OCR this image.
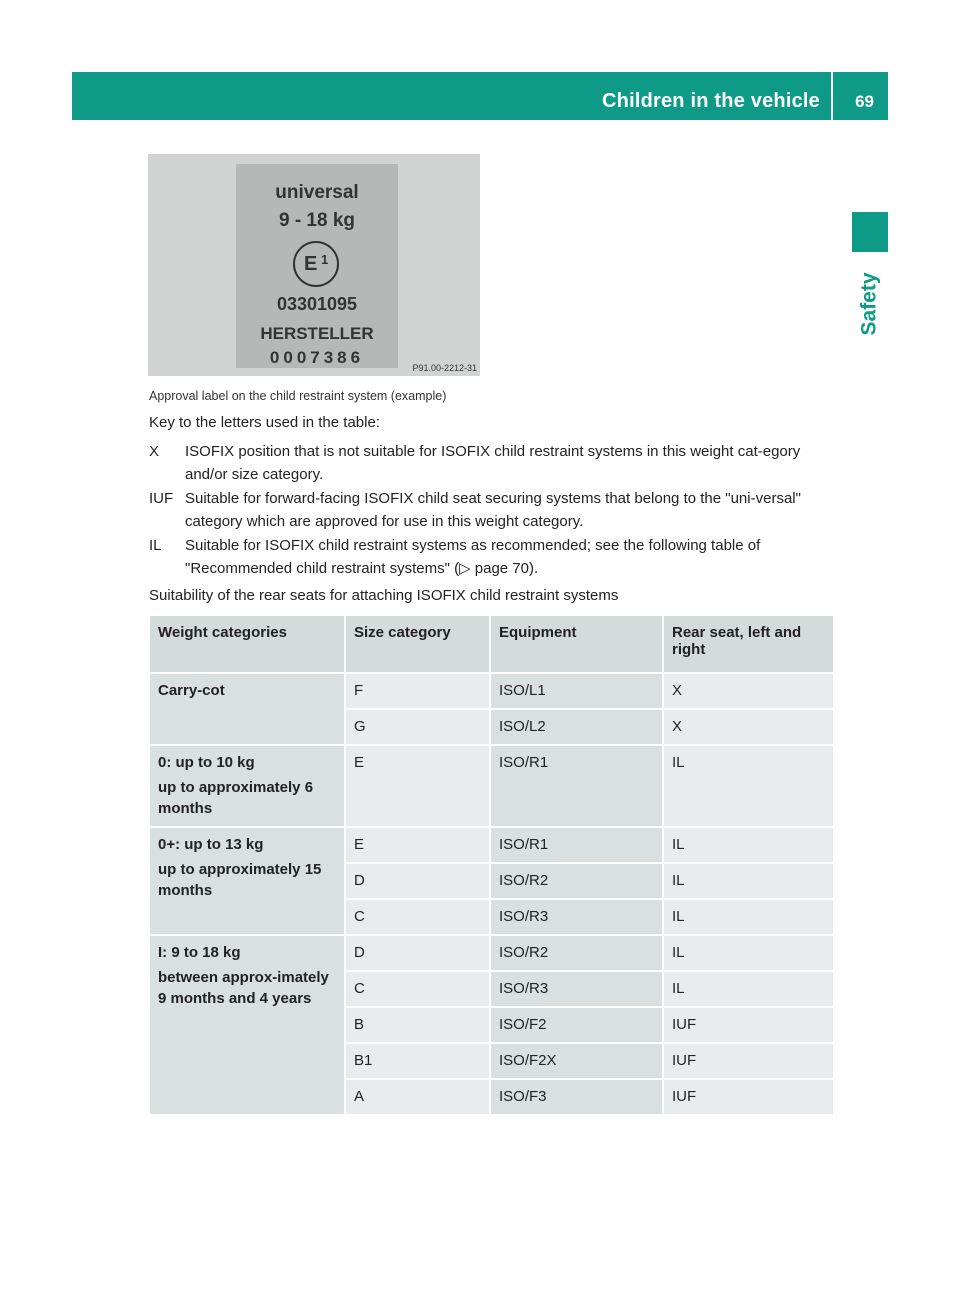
Children in the vehicle 69
Safety
universal
9 - 18 kg
E 1
03301095
HERSTELLER
0007386
P91.00-2212-31
Approval label on the child restraint system (example)
Key to the letters used in the table:
X	ISOFIX position that is not suitable for ISOFIX child restraint systems in this weight cat-egory and/or size category.
IUF Suitable for forward-facing ISOFIX child seat securing systems that belong to the "uni-versal" category which are approved for use in this weight category.
IL	Suitable for ISOFIX child restraint systems as recommended; see the following table of "Recommended child restraint systems" (▷ page 70).
Suitability of the rear seats for attaching ISOFIX child restraint systems
Weight categories	Size category	Equipment	Rear seat, left and right

Carry-cot	F	ISO/L1	X
	G	ISO/L2	X

0: up to 10 kg
up to approximately 6 months	E	ISO/R1	IL

0+: up to 13 kg
up to approximately 15 months	E	ISO/R1	IL
	D	ISO/R2	IL
	C	ISO/R3	IL

I: 9 to 18 kg
between approx-imately 9 months and 4 years	D	ISO/R2	IL
	C	ISO/R3	IL
	B	ISO/F2	IUF
	B1	ISO/F2X	IUF
	A	ISO/F3	IUF
